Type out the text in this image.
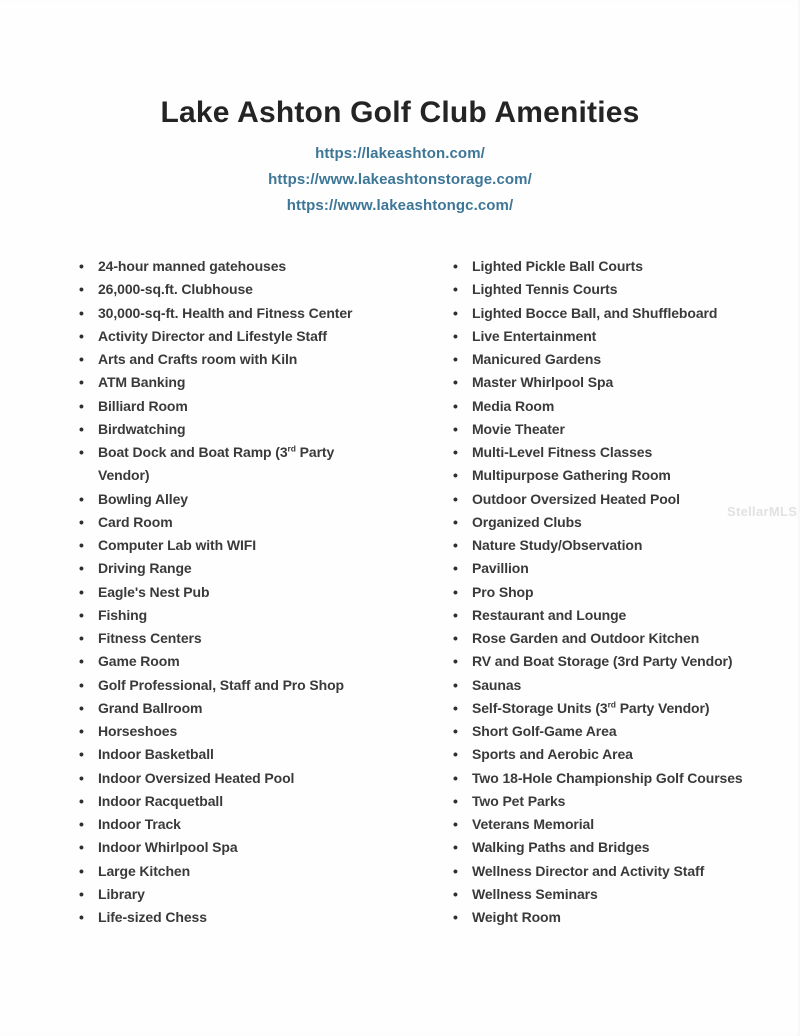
Lake Ashton Golf Club Amenities
https://lakeashton.com/
https://www.lakeashtonstorage.com/
https://www.lakeashtongc.com/
•	24-hour manned gatehouses
•	26,000-sq.ft. Clubhouse
•	30,000-sq-ft. Health and Fitness Center
•	Activity Director and Lifestyle Staff
•	Arts and Crafts room with Kiln
•	ATM Banking
•	Billiard Room
•	Birdwatching
•	Boat Dock and Boat Ramp (3rd Party
Vendor)
•	Bowling Alley
•	Card Room
•	Computer Lab with WIFI
•	Driving Range
•	Eagle's Nest Pub
•	Fishing
•	Fitness Centers
•	Game Room
•	Golf Professional, Staff and Pro Shop
•	Grand Ballroom
•	Horseshoes
•	Indoor Basketball
•	Indoor Oversized Heated Pool
•	Indoor Racquetball
•	Indoor Track
•	Indoor Whirlpool Spa
•	Large Kitchen
•	Library
•	Life-sized Chess
•	Lighted Pickle Ball Courts
•	Lighted Tennis Courts
•	Lighted Bocce Ball, and Shuffleboard
•	Live Entertainment
•	Manicured Gardens
•	Master Whirlpool Spa
•	Media Room
•	Movie Theater
•	Multi-Level Fitness Classes
•	Multipurpose Gathering Room
•	Outdoor Oversized Heated Pool
•	Organized Clubs
•	Nature Study/Observation
•	Pavillion
•	Pro Shop
•	Restaurant and Lounge
•	Rose Garden and Outdoor Kitchen
•	RV and Boat Storage (3rd Party Vendor)
•	Saunas
•	Self-Storage Units (3rd Party Vendor)
•	Short Golf-Game Area
•	Sports and Aerobic Area
•	Two 18-Hole Championship Golf Courses
•	Two Pet Parks
•	Veterans Memorial
•	Walking Paths and Bridges
•	Wellness Director and Activity Staff
•	Wellness Seminars
•	Weight Room
StellarMLS
